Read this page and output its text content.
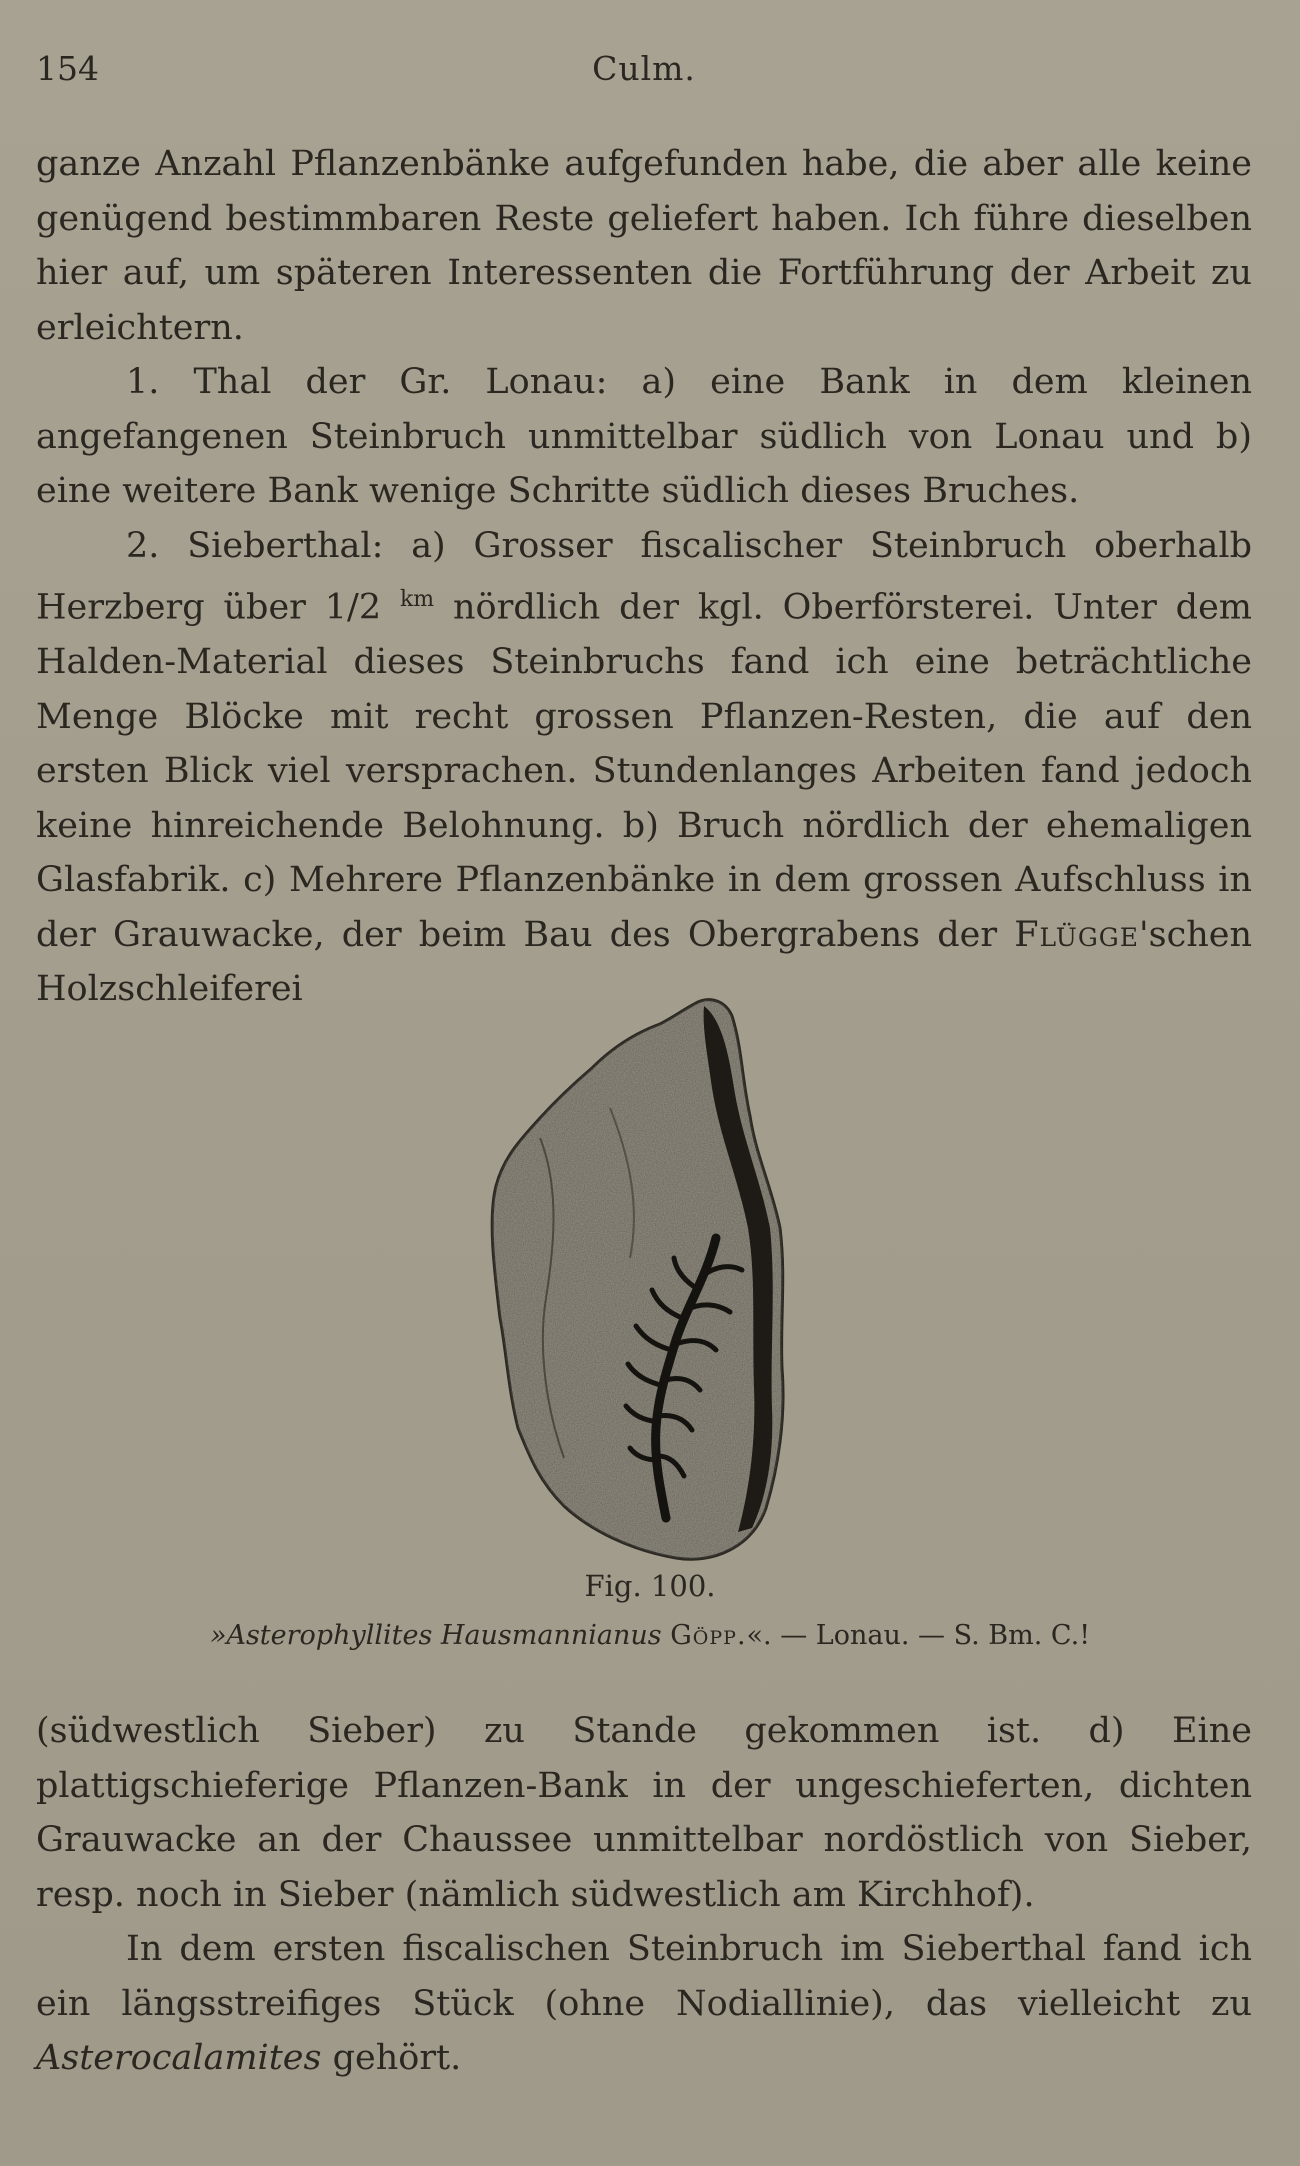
154	Culm.

ganze Anzahl Pflanzenbänke aufgefunden habe, die aber alle keine genügend bestimmbaren Reste geliefert haben. Ich führe dieselben hier auf, um späteren Interessenten die Fortführung der Arbeit zu erleichtern.

1. Thal der Gr. Lonau: a) eine Bank in dem kleinen angefangenen Steinbruch unmittelbar südlich von Lonau und b) eine weitere Bank wenige Schritte südlich dieses Bruches.

2. Sieberthal: a) Grosser fiscalischer Steinbruch oberhalb Herzberg über 1/2 $^{km}$ nördlich der kgl. Oberförsterei. Unter dem Halden-Material dieses Steinbruchs fand ich eine beträchtliche Menge Blöcke mit recht grossen Pflanzen-Resten, die auf den ersten Blick viel versprachen. Stundenlanges Arbeiten fand jedoch keine hinreichende Belohnung. b) Bruch nördlich der ehemaligen Glasfabrik. c) Mehrere Pflanzenbänke in dem grossen Aufschluss in der Grauwacke, der beim Bau des Obergrabens der Flügge'schen Holzschleiferei

Fig. 100.
»Asterophyllites Hausmannianus Göpp.«. — Lonau. — S. Bm. C.!

(südwestlich Sieber) zu Stande gekommen ist. d) Eine plattigschieferige Pflanzen-Bank in der ungeschieferten, dichten Grauwacke an der Chaussee unmittelbar nordöstlich von Sieber, resp. noch in Sieber (nämlich südwestlich am Kirchhof).

In dem ersten fiscalischen Steinbruch im Sieberthal fand ich ein längsstreifiges Stück (ohne Nodiallinie), das vielleicht zu Asterocalamites gehört.
